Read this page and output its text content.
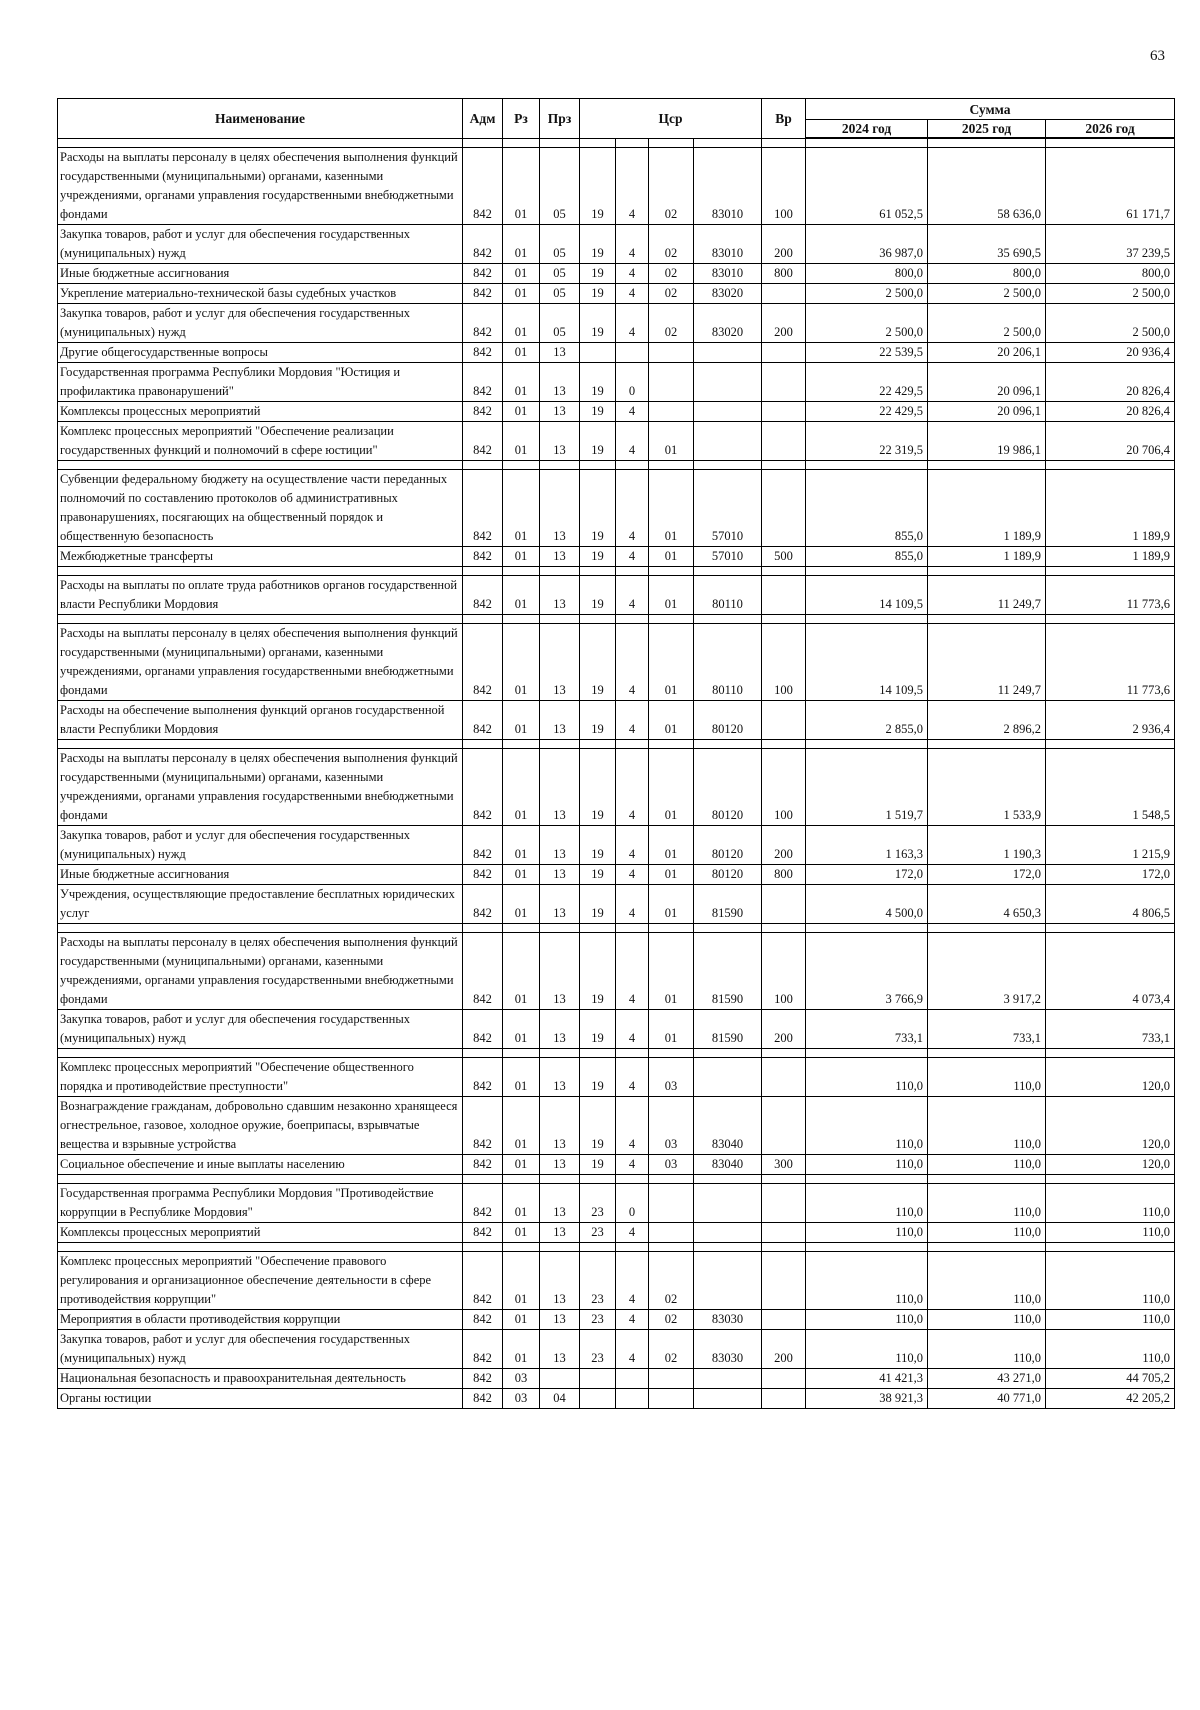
63
Наименование	Адм	Рз	Прз	Цср				Вр	Сумма		
									2024 год	2025 год	2026 год

Расходы на выплаты персоналу в целях обеспечения выполнения функций государственными (муниципальными) органами, казенными учреждениями, органами управления государственными внебюджетными фондами	842	01	05	19	4	02	83010	100	61 052,5	58 636,0	61 171,7
Закупка товаров, работ и услуг для обеспечения государственных (муниципальных) нужд	842	01	05	19	4	02	83010	200	36 987,0	35 690,5	37 239,5
Иные бюджетные ассигнования	842	01	05	19	4	02	83010	800	800,0	800,0	800,0
Укрепление материально-технической базы судебных участков	842	01	05	19	4	02	83020		2 500,0	2 500,0	2 500,0
Закупка товаров, работ и услуг для обеспечения государственных (муниципальных) нужд	842	01	05	19	4	02	83020	200	2 500,0	2 500,0	2 500,0
Другие общегосударственные вопросы	842	01	13						22 539,5	20 206,1	20 936,4
Государственная программа Республики Мордовия "Юстиция и профилактика правонарушений"	842	01	13	19	0				22 429,5	20 096,1	20 826,4
Комплексы процессных мероприятий	842	01	13	19	4				22 429,5	20 096,1	20 826,4
Комплекс процессных мероприятий "Обеспечение реализации государственных функций и полномочий в сфере юстиции"	842	01	13	19	4	01			22 319,5	19 986,1	20 706,4

Субвенции федеральному бюджету на осуществление части переданных полномочий по составлению протоколов об административных правонарушениях, посягающих на общественный порядок и общественную безопасность	842	01	13	19	4	01	57010		855,0	1 189,9	1 189,9
Межбюджетные трансферты	842	01	13	19	4	01	57010	500	855,0	1 189,9	1 189,9

Расходы на выплаты по оплате труда работников органов государственной власти Республики Мордовия	842	01	13	19	4	01	80110		14 109,5	11 249,7	11 773,6

Расходы на выплаты персоналу в целях обеспечения выполнения функций государственными (муниципальными) органами, казенными учреждениями, органами управления государственными внебюджетными фондами	842	01	13	19	4	01	80110	100	14 109,5	11 249,7	11 773,6
Расходы на обеспечение выполнения функций органов государственной власти Республики Мордовия	842	01	13	19	4	01	80120		2 855,0	2 896,2	2 936,4

Расходы на выплаты персоналу в целях обеспечения выполнения функций государственными (муниципальными) органами, казенными учреждениями, органами управления государственными внебюджетными фондами	842	01	13	19	4	01	80120	100	1 519,7	1 533,9	1 548,5
Закупка товаров, работ и услуг для обеспечения государственных (муниципальных) нужд	842	01	13	19	4	01	80120	200	1 163,3	1 190,3	1 215,9
Иные бюджетные ассигнования	842	01	13	19	4	01	80120	800	172,0	172,0	172,0
Учреждения, осуществляющие предоставление бесплатных юридических услуг	842	01	13	19	4	01	81590		4 500,0	4 650,3	4 806,5

Расходы на выплаты персоналу в целях обеспечения выполнения функций государственными (муниципальными) органами, казенными учреждениями, органами управления государственными внебюджетными фондами	842	01	13	19	4	01	81590	100	3 766,9	3 917,2	4 073,4
Закупка товаров, работ и услуг для обеспечения государственных (муниципальных) нужд	842	01	13	19	4	01	81590	200	733,1	733,1	733,1

Комплекс процессных мероприятий "Обеспечение общественного порядка и противодействие преступности"	842	01	13	19	4	03			110,0	110,0	120,0
Вознаграждение гражданам, добровольно сдавшим незаконно хранящееся огнестрельное, газовое, холодное оружие, боеприпасы, взрывчатые вещества и взрывные устройства	842	01	13	19	4	03	83040		110,0	110,0	120,0
Социальное обеспечение и иные выплаты населению	842	01	13	19	4	03	83040	300	110,0	110,0	120,0

Государственная программа Республики Мордовия "Противодействие коррупции в Республике Мордовия"	842	01	13	23	0				110,0	110,0	110,0
Комплексы процессных мероприятий	842	01	13	23	4				110,0	110,0	110,0

Комплекс процессных мероприятий "Обеспечение правового регулирования и организационное обеспечение деятельности в сфере противодействия коррупции"	842	01	13	23	4	02			110,0	110,0	110,0
Мероприятия в области противодействия коррупции	842	01	13	23	4	02	83030		110,0	110,0	110,0
Закупка товаров, работ и услуг для обеспечения государственных (муниципальных) нужд	842	01	13	23	4	02	83030	200	110,0	110,0	110,0
Национальная безопасность и правоохранительная деятельность	842	03							41 421,3	43 271,0	44 705,2
Органы юстиции	842	03	04						38 921,3	40 771,0	42 205,2
